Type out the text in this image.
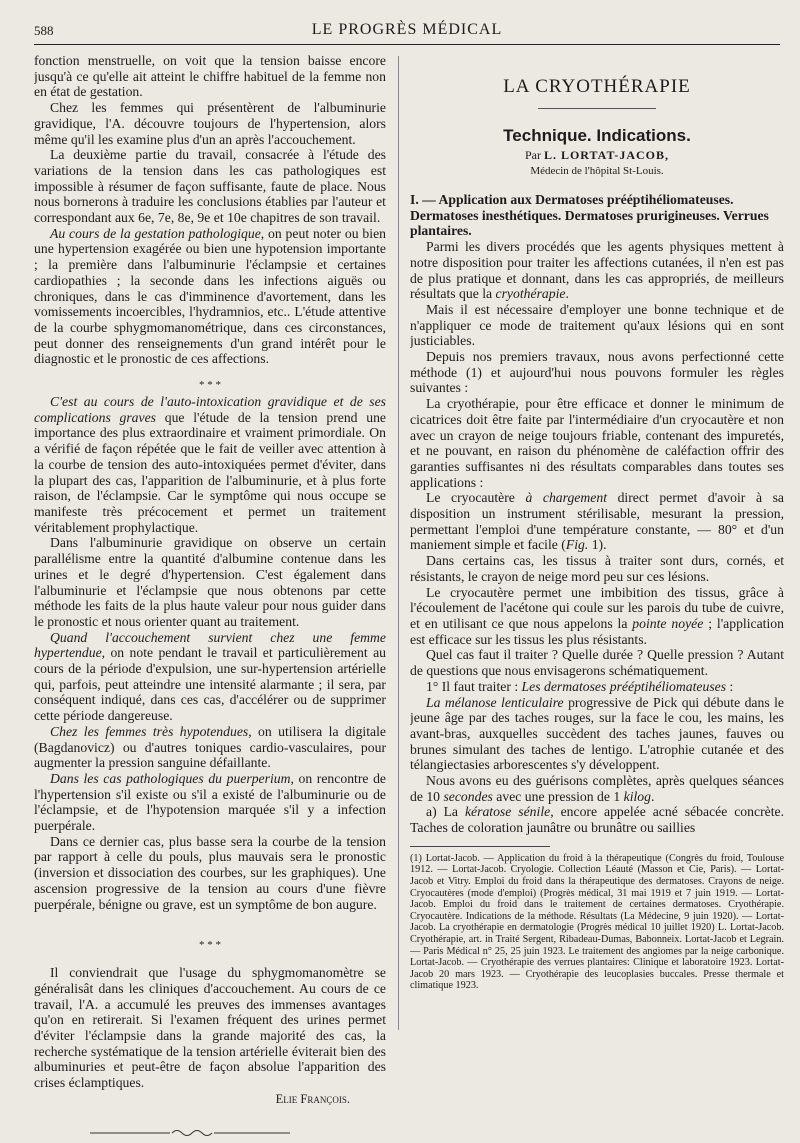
588	LE PROGRÈS MÉDICAL

fonction menstruelle, on voit que la tension baisse encore jusqu'à ce qu'elle ait atteint le chiffre habituel de la femme non en état de gestation.

Chez les femmes qui présentèrent de l'albuminurie gravidique, l'A. découvre toujours de l'hypertension, alors même qu'il les examine plus d'un an après l'accouchement.

La deuxième partie du travail, consacrée à l'étude des variations de la tension dans les cas pathologiques est impossible à résumer de façon suffisante, faute de place. Nous nous bornerons à traduire les conclusions établies par l'auteur et correspondant aux 6e, 7e, 8e, 9e et 10e chapitres de son travail.

Au cours de la gestation pathologique, on peut noter ou bien une hypertension exagérée ou bien une hypotension importante ; la première dans l'albuminurie l'éclampsie et certaines cardiopathies ; la seconde dans les infections aiguës ou chroniques, dans le cas d'imminence d'avortement, dans les vomissements incoercibles, l'hydramnios, etc.. L'étude attentive de la courbe sphygmomanométrique, dans ces circonstances, peut donner des renseignements d'un grand intérêt pour le diagnostic et le pronostic de ces affections.

* * *

C'est au cours de l'auto-intoxication gravidique et de ses complications graves que l'étude de la tension prend une importance des plus extraordinaire et vraiment primordiale. On a vérifié de façon répétée que le fait de veiller avec attention à la courbe de tension des auto-intoxiquées permet d'éviter, dans la plupart des cas, l'apparition de l'albuminurie, et à plus forte raison, de l'éclampsie. Car le symptôme qui nous occupe se manifeste très précocement et permet un traitement véritablement prophylactique.

Dans l'albuminurie gravidique on observe un certain parallélisme entre la quantité d'albumine contenue dans les urines et le degré d'hypertension. C'est également dans l'albuminurie et l'éclampsie que nous obtenons par cette méthode les faits de la plus haute valeur pour nous guider dans le pronostic et nous orienter quant au traitement.

Quand l'accouchement survient chez une femme hypertendue, on note pendant le travail et particulièrement au cours de la période d'expulsion, une sur-hypertension artérielle qui, parfois, peut atteindre une intensité alarmante ; il sera, par conséquent indiqué, dans ces cas, d'accélérer ou de supprimer cette période dangereuse.

Chez les femmes très hypotendues, on utilisera la digitale (Bagdanovicz) ou d'autres toniques cardio-vasculaires, pour augmenter la pression sanguine défaillante.

Dans les cas pathologiques du puerperium, on rencontre de l'hypertension s'il existe ou s'il a existé de l'albuminurie ou de l'éclampsie, et de l'hypotension marquée s'il y a infection puerpérale.

Dans ce dernier cas, plus basse sera la courbe de la tension par rapport à celle du pouls, plus mauvais sera le pronostic (inversion et dissociation des courbes, sur les graphiques). Une ascension progressive de la tension au cours d'une fièvre puerpérale, bénigne ou grave, est un symptôme de bon augure.

* * *

Il conviendrait que l'usage du sphygmomanomètre se généralisât dans les cliniques d'accouchement. Au cours de ce travail, l'A. a accumulé les preuves des immenses avantages qu'on en retirerait. Si l'examen fréquent des urines permet d'éviter l'éclampsie dans la grande majorité des cas, la recherche systématique de la tension artérielle éviterait bien des albuminuries et peut-être de façon absolue l'apparition des crises éclamptiques.

Elie François.
LA CRYOTHÉRAPIE
Technique. Indications.
Par L. LORTAT-JACOB,
Médecin de l'hôpital St-Louis.
I. — Application aux Dermatoses prééptihéliomateuses. Dermatoses inesthétiques. Dermatoses prurigineuses. Verrues plantaires.

Parmi les divers procédés que les agents physiques mettent à notre disposition pour traiter les affections cutanées, il n'en est pas de plus pratique et donnant, dans les cas appropriés, de meilleurs résultats que la cryothérapie.

Mais il est nécessaire d'employer une bonne technique et de n'appliquer ce mode de traitement qu'aux lésions qui en sont justiciables.

Depuis nos premiers travaux, nous avons perfectionné cette méthode (1) et aujourd'hui nous pouvons formuler les règles suivantes :

La cryothérapie, pour être efficace et donner le minimum de cicatrices doit être faite par l'intermédiaire d'un cryocautère et non avec un crayon de neige toujours friable, contenant des impuretés, et ne pouvant, en raison du phénomène de caléfaction offrir des garanties suffisantes ni des résultats comparables dans toutes ses applications :

Le cryocautère à chargement direct permet d'avoir à sa disposition un instrument stérilisable, mesurant la pression, permettant l'emploi d'une température constante, — 80° et d'un maniement simple et facile (Fig. 1).

Dans certains cas, les tissus à traiter sont durs, cornés, et résistants, le crayon de neige mord peu sur ces lésions.

Le cryocautère permet une imbibition des tissus, grâce à l'écoulement de l'acétone qui coule sur les parois du tube de cuivre, et en utilisant ce que nous appelons la pointe noyée ; l'application est efficace sur les tissus les plus résistants.

Quel cas faut il traiter ? Quelle durée ? Quelle pression ? Autant de questions que nous envisagerons schématiquement.

1° Il faut traiter : Les dermatoses prééptihéliomateuses :

La mélanose lenticulaire progressive de Pick qui débute dans le jeune âge par des taches rouges, sur la face le cou, les mains, les avant-bras, auxquelles succèdent des taches jaunes, fauves ou brunes simulant des taches de lentigo. L'atrophie cutanée et des télangiectasies arborescentes s'y développent.

Nous avons eu des guérisons complètes, après quelques séances de 10 secondes avec une pression de 1 kilog.

a) La kératose sénile, encore appelée acné sébacée concrète. Taches de coloration jaunâtre ou brunâtre ou saillies

(1) Lortat-Jacob. — Application du froid à la thérapeutique (Congrès du froid, Toulouse 1912. — Lortat-Jacob. Cryologie. Collection Léauté (Masson et Cie, Paris). — Lortat-Jacob et Vitry. Emploi du froid dans la thérapeutique des dermatoses. Crayons de neige. Cryocautères (mode d'emploi) (Progrès médical, 31 mai 1919 et 7 juin 1919. — Lortat-Jacob. Emploi du froid dans le traitement de certaines dermatoses. Cryothérapie. Cryocautère. Indications de la méthode. Résultats (La Médecine, 9 juin 1920). — Lortat-Jacob. La cryothérapie en dermatologie (Progrès médical 10 juillet 1920) L. Lortat-Jacob. Cryothérapie, art. in Traité Sergent, Ribadeau-Dumas, Babonneix. Lortat-Jacob et Legrain. — Paris Médical n° 25, 25 juin 1923. Le traitement des angiomes par la neige carbonique. Lortat-Jacob. — Cryothérapie des verrues plantaires: Clinique et laboratoire 1923. Lortat-Jacob 20 mars 1923. — Cryothérapie des leucoplasies buccales. Presse thermale et climatique 1923.
